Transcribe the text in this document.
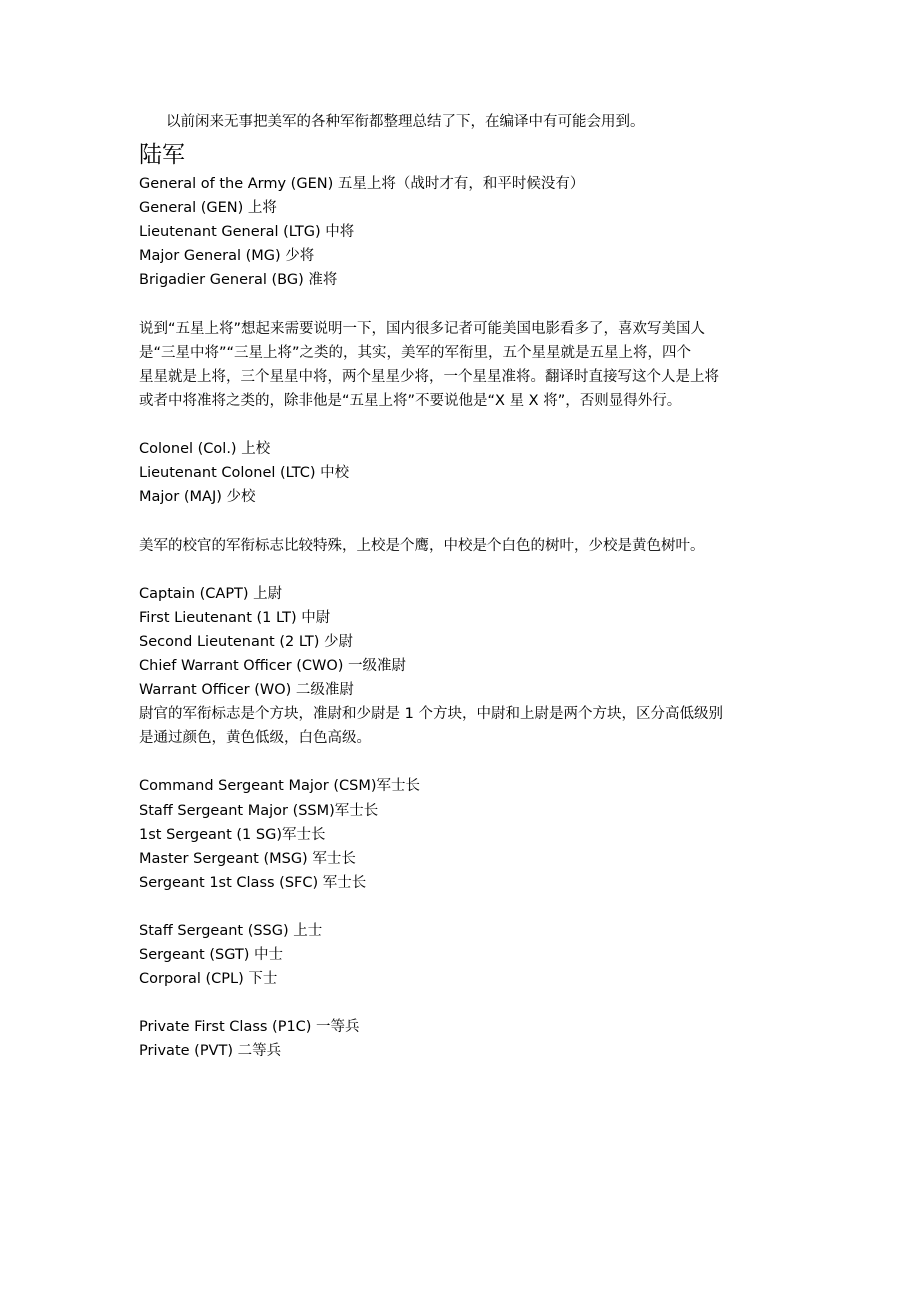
以前闲来无事把美军的各种军衔都整理总结了下，在编译中有可能会用到。
陆军
General of the Army (GEN) 五星上将（战时才有，和平时候没有）
General (GEN) 上将
Lieutenant General (LTG) 中将
Major General (MG) 少将
Brigadier General (BG) 准将
说到“五星上将”想起来需要说明一下，国内很多记者可能美国电影看多了，喜欢写美国人
是“三星中将”“三星上将”之类的，其实，美军的军衔里，五个星星就是五星上将，四个
星星就是上将，三个星星中将，两个星星少将，一个星星准将。翻译时直接写这个人是上将
或者中将准将之类的，除非他是“五星上将”不要说他是“X 星 X 将”，否则显得外行。
Colonel (Col.) 上校
Lieutenant Colonel (LTC) 中校
Major (MAJ) 少校
美军的校官的军衔标志比较特殊，上校是个鹰，中校是个白色的树叶，少校是黄色树叶。
Captain (CAPT) 上尉
First Lieutenant (1 LT) 中尉
Second Lieutenant (2 LT) 少尉
Chief Warrant Officer (CWO) 一级准尉
Warrant Officer (WO) 二级准尉
尉官的军衔标志是个方块，准尉和少尉是 1 个方块，中尉和上尉是两个方块，区分高低级别
是通过颜色，黄色低级，白色高级。
Command Sergeant Major (CSM)军士长
Staff Sergeant Major (SSM)军士长
1st Sergeant (1 SG)军士长
Master Sergeant (MSG) 军士长
Sergeant 1st Class (SFC) 军士长
Staff Sergeant (SSG) 上士
Sergeant (SGT) 中士
Corporal (CPL) 下士
Private First Class (P1C) 一等兵
Private (PVT) 二等兵
